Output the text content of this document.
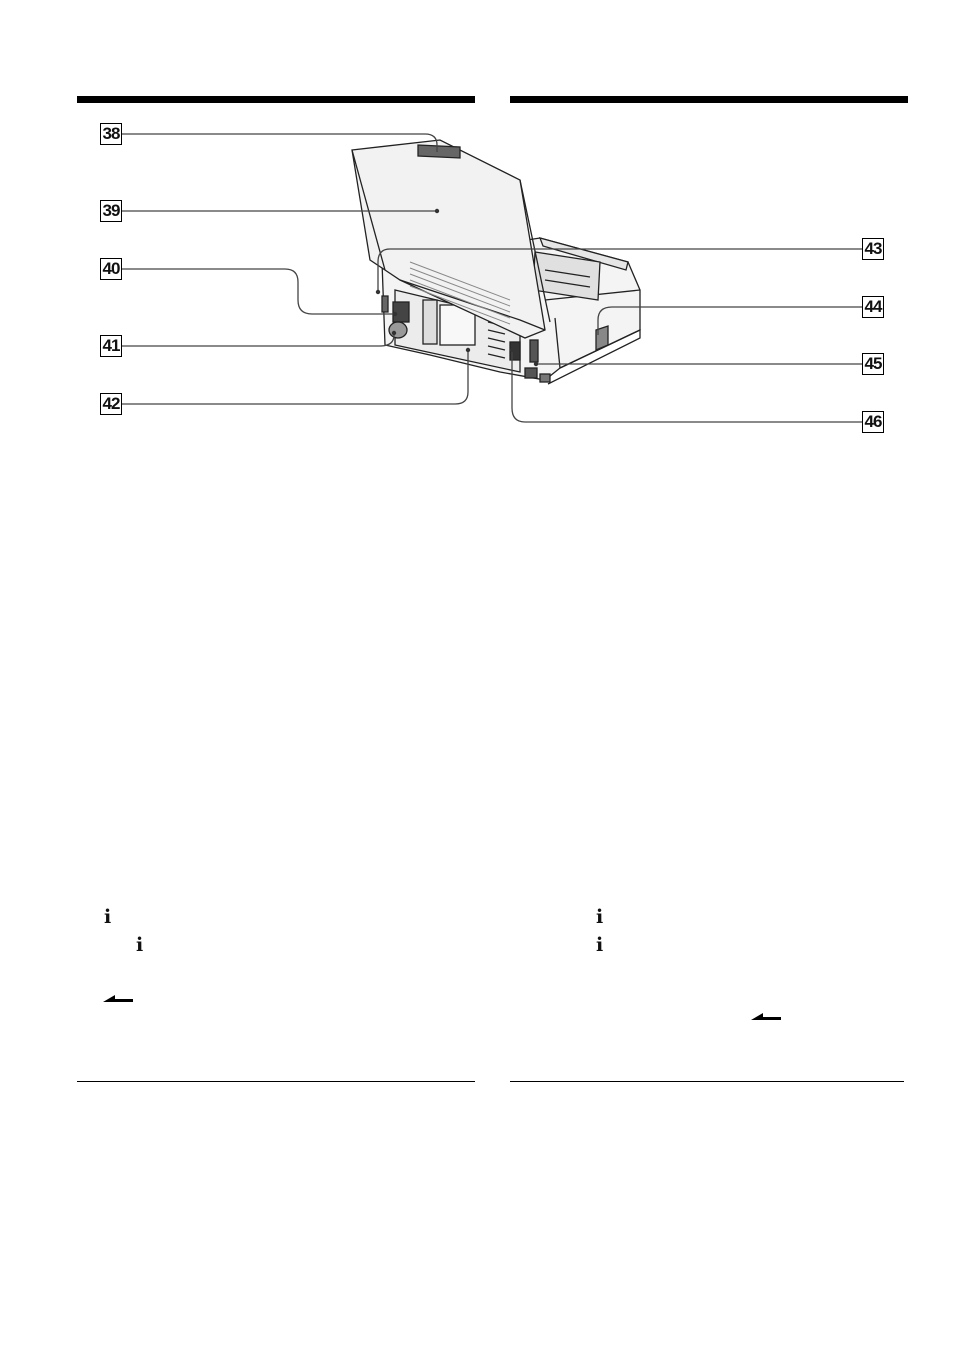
38
39
40
41
42
43
44
45
46
i
i
i
i
